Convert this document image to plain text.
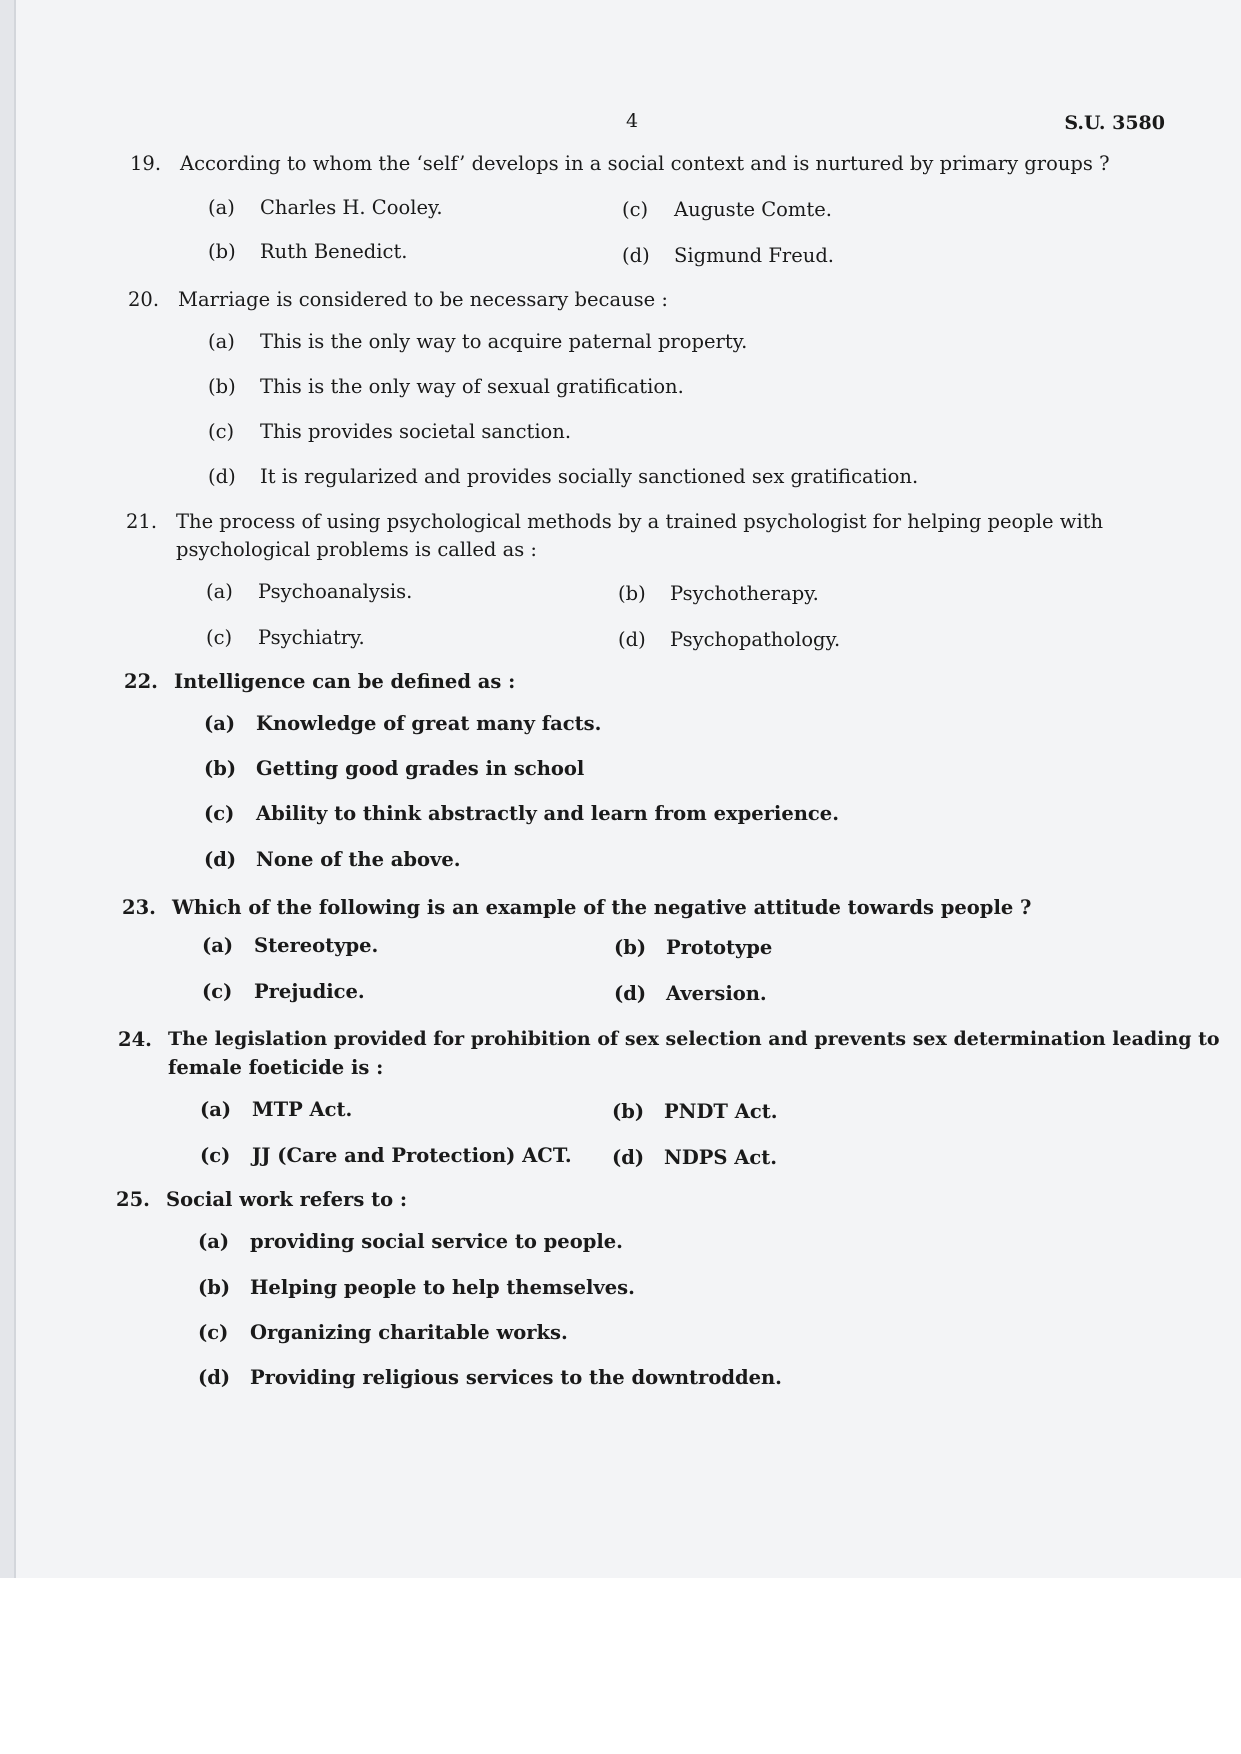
4	S.U. 3580
19. According to whom the ‘self’ develops in a social context and is nurtured by primary groups ?
(a) Charles H. Cooley.	(c) Auguste Comte.
(b) Ruth Benedict.	(d) Sigmund Freud.
20. Marriage is considered to be necessary because :
(a) This is the only way to acquire paternal property.
(b) This is the only way of sexual gratification.
(c) This provides societal sanction.
(d) It is regularized and provides socially sanctioned sex gratification.
21. The process of using psychological methods by a trained psychologist for helping people with
psychological problems is called as :
(a) Psychoanalysis.	(b) Psychotherapy.
(c) Psychiatry.	(d) Psychopathology.
22. Intelligence can be defined as :
(a) Knowledge of great many facts.
(b) Getting good grades in school
(c) Ability to think abstractly and learn from experience.
(d) None of the above.
23. Which of the following is an example of the negative attitude towards people ?
(a) Stereotype.	(b) Prototype
(c) Prejudice.	(d) Aversion.
24. The legislation provided for prohibition of sex selection and prevents sex determination leading to
female foeticide is :
(a) MTP Act.	(b) PNDT Act.
(c) JJ (Care and Protection) ACT. (d) NDPS Act.
25. Social work refers to :
(a) providing social service to people.
(b) Helping people to help themselves.
(c) Organizing charitable works.
(d) Providing religious services to the downtrodden.
